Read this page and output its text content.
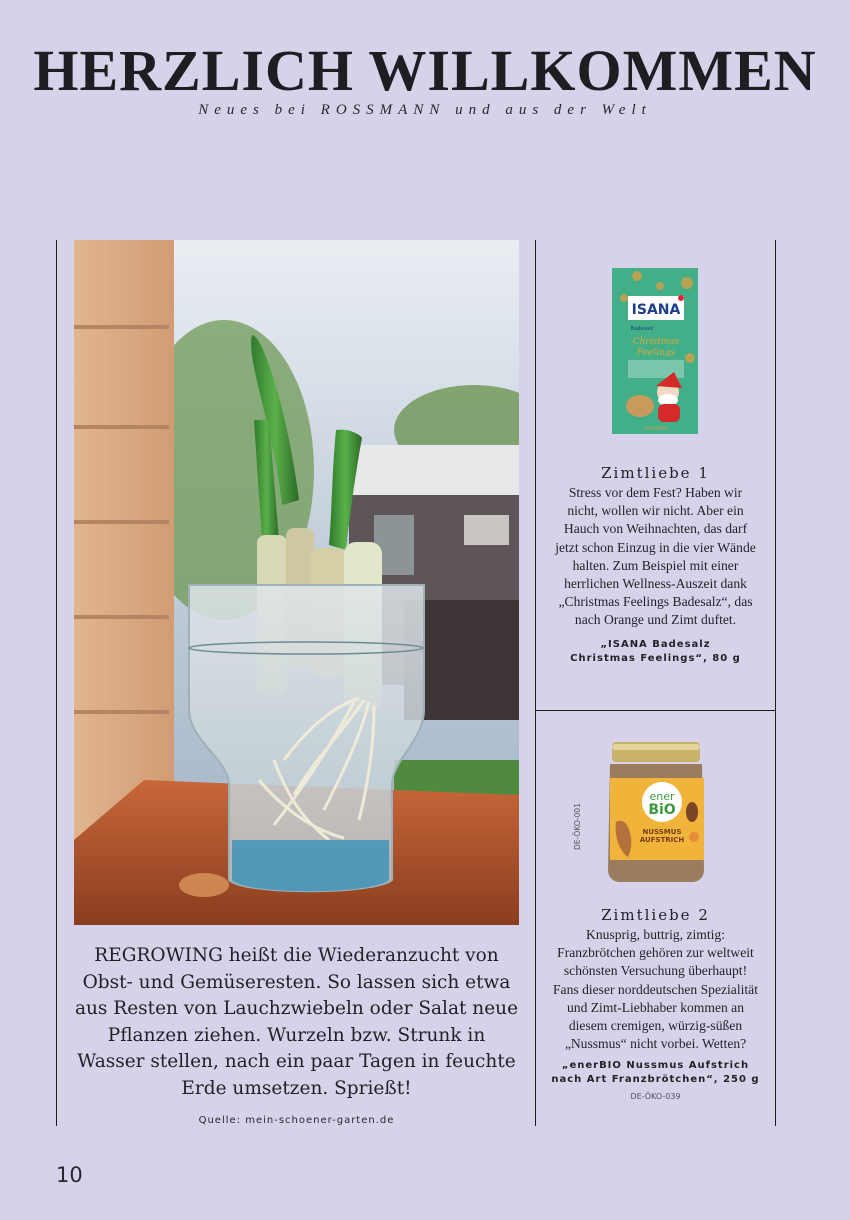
HERZLICH WILLKOMMEN
Neues bei ROSSMANN und aus der Welt
REGROWING heißt die Wiederanzucht von Obst- und Gemüseresten. So lassen sich etwa aus Resten von Lauchzwiebeln oder Salat neue Pflanzen ziehen. Wurzeln bzw. Strunk in Wasser stellen, nach ein paar Tagen in feuchte Erde umsetzen. Sprießt!
Quelle: mein-schoener-garten.de
ISANA
Badesalz
Christmas
Feelings
ROSSMANN
Zimtliebe 1
Stress vor dem Fest? Haben wir nicht, wollen wir nicht. Aber ein Hauch von Weihnachten, das darf jetzt schon Einzug in die vier Wände halten. Zum Beispiel mit einer herrlichen Wellness-Auszeit dank „Christmas Feelings Badesalz“, das nach Orange und Zimt duftet.
„ISANA Badesalz Christmas Feelings“, 80 g
DE-ÖKO-001
ener
BiO
NUSSMUS
AUFSTRICH
Zimtliebe 2
Knusprig, buttrig, zimtig: Franzbrötchen gehören zur weltweit schönsten Versuchung überhaupt! Fans dieser norddeutschen Spezialität und Zimt-Liebhaber kommen an diesem cremigen, würzig-süßen „Nussmus“ nicht vorbei. Wetten?
„enerBIO Nussmus Aufstrich nach Art Franzbrötchen“, 250 g
DE-ÖKO-039
10
